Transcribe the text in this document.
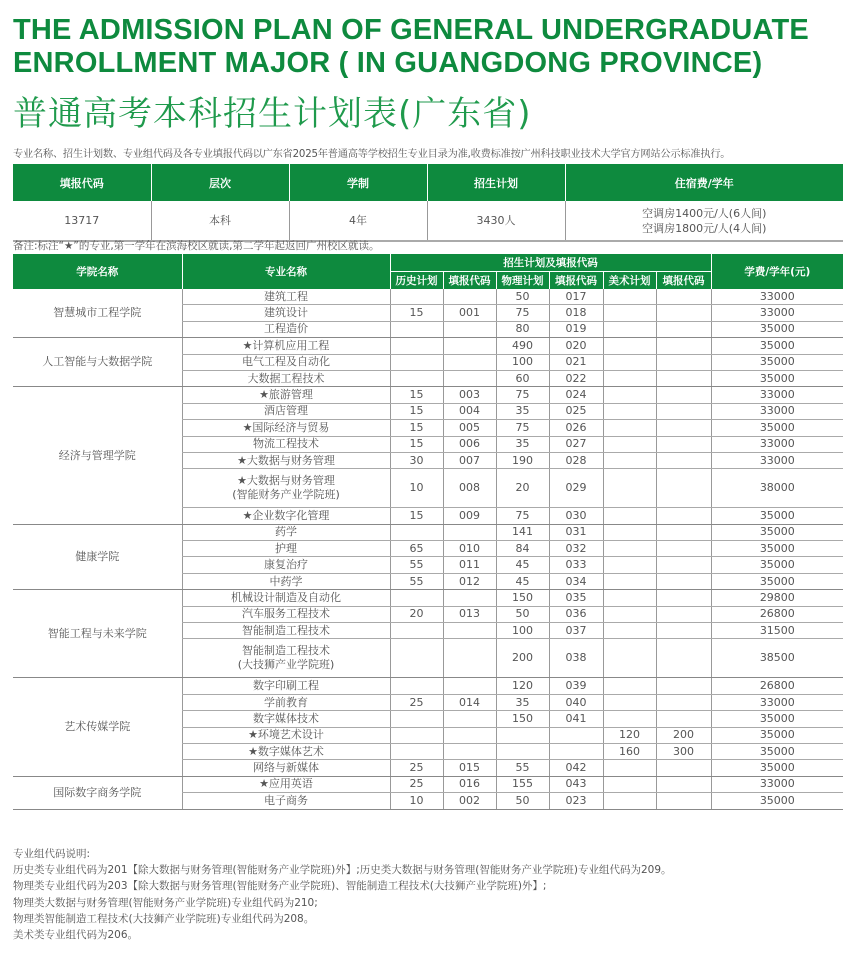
THE ADMISSION PLAN OF GENERAL UNDERGRADUATE
ENROLLMENT MAJOR ( IN GUANGDONG PROVINCE)
普通高考本科招生计划表(广东省)
专业名称、招生计划数、专业组代码及各专业填报代码以广东省2025年普通高等学校招生专业目录为准,收费标准按广州科技职业技术大学官方网站公示标准执行。
填报代码	层次	学制	招生计划	住宿费/学年
13717	本科	4年	3430人	空调房1400元/人(6人间)
空调房1800元/人(4人间)
备注:标注“★”的专业,第一学年在滨海校区就读,第二学年起返回广州校区就读。
学院名称	专业名称	招生计划及填报代码						学费/学年(元)
		历史计划	填报代码	物理计划	填报代码	美术计划	填报代码	
智慧城市工程学院	建筑工程			50	017			33000
	建筑设计	15	001	75	018			33000
	工程造价			80	019			35000
人工智能与大数据学院	★计算机应用工程			490	020			35000
	电气工程及自动化			100	021			35000
	大数据工程技术			60	022			35000
经济与管理学院	★旅游管理	15	003	75	024			33000
	酒店管理	15	004	35	025			33000
	★国际经济与贸易	15	005	75	026			35000
	物流工程技术	15	006	35	027			33000
	★大数据与财务管理	30	007	190	028			33000

	★大数据与财务管理
(智能财务产业学院班)	10	008	20	029			38000
	★企业数字化管理	15	009	75	030			35000
健康学院	药学			141	031			35000
	护理	65	010	84	032			35000
	康复治疗	55	011	45	033			35000
	中药学	55	012	45	034			35000
智能工程与未来学院	机械设计制造及自动化			150	035			29800
	汽车服务工程技术	20	013	50	036			26800
	智能制造工程技术			100	037			31500

	智能制造工程技术
(大技狮产业学院班)			200	038			38500
艺术传媒学院	数字印刷工程			120	039			26800
	学前教育	25	014	35	040			33000
	数字媒体技术			150	041			35000
	★环境艺术设计					120	200	35000
	★数字媒体艺术					160	300	35000
	网络与新媒体	25	015	55	042			35000
国际数字商务学院	★应用英语	25	016	155	043			33000
	电子商务	10	002	50	023			35000
专业组代码说明:
历史类专业组代码为201【除大数据与财务管理(智能财务产业学院班)外】;历史类大数据与财务管理(智能财务产业学院班)专业组代码为209。
物理类专业组代码为203【除大数据与财务管理(智能财务产业学院班)、智能制造工程技术(大技狮产业学院班)外】;
物理类大数据与财务管理(智能财务产业学院班)专业组代码为210;
物理类智能制造工程技术(大技狮产业学院班)专业组代码为208。
美术类专业组代码为206。
